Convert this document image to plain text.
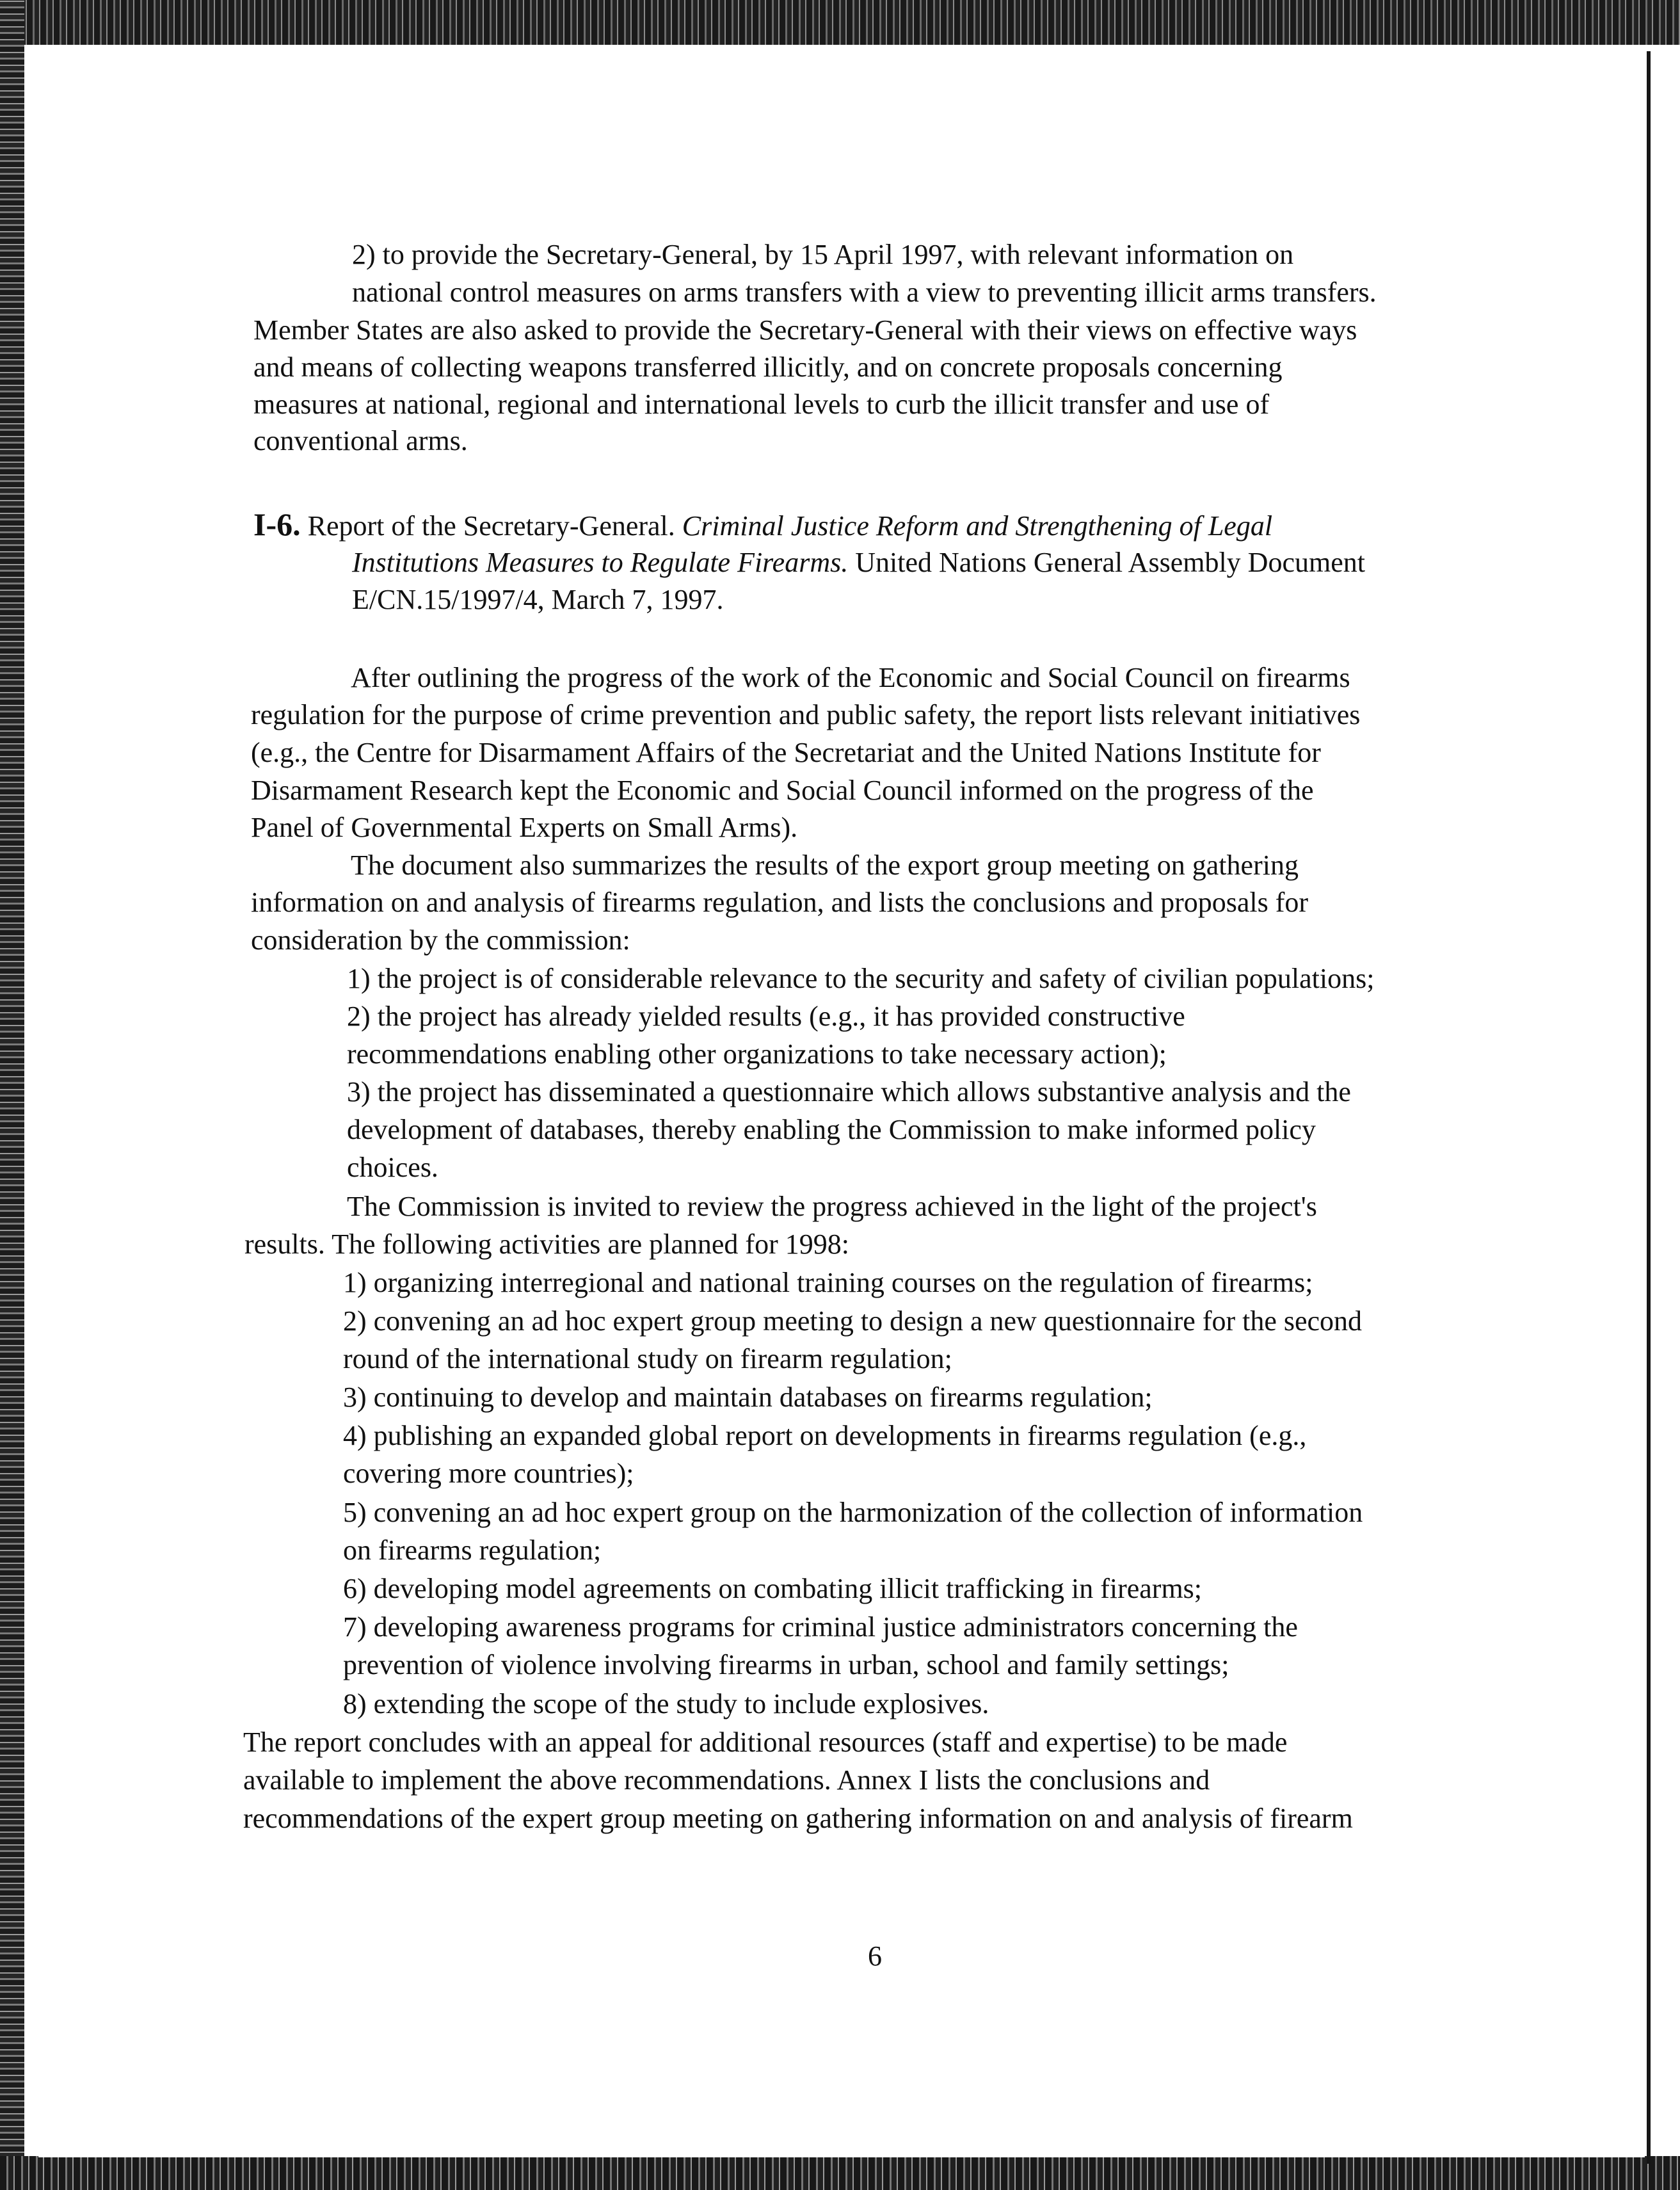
2) to provide the Secretary-General, by 15 April 1997, with relevant information on
national control measures on arms transfers with a view to preventing illicit arms transfers.
Member States are also asked to provide the Secretary-General with their views on effective ways
and means of collecting weapons transferred illicitly, and on concrete proposals concerning
measures at national, regional and international levels to curb the illicit transfer and use of
conventional arms.
I-6. Report of the Secretary-General. Criminal Justice Reform and Strengthening of Legal
Institutions Measures to Regulate Firearms. United Nations General Assembly Document
E/CN.15/1997/4, March 7, 1997.
After outlining the progress of the work of the Economic and Social Council on firearms
regulation for the purpose of crime prevention and public safety, the report lists relevant initiatives
(e.g., the Centre for Disarmament Affairs of the Secretariat and the United Nations Institute for
Disarmament Research kept the Economic and Social Council informed on the progress of the
Panel of Governmental Experts on Small Arms).
The document also summarizes the results of the export group meeting on gathering
information on and analysis of firearms regulation, and lists the conclusions and proposals for
consideration by the commission:
1) the project is of considerable relevance to the security and safety of civilian populations;
2) the project has already yielded results (e.g., it has provided constructive
recommendations enabling other organizations to take necessary action);
3) the project has disseminated a questionnaire which allows substantive analysis and the
development of databases, thereby enabling the Commission to make informed policy
choices.
The Commission is invited to review the progress achieved in the light of the project's
results. The following activities are planned for 1998:
1) organizing interregional and national training courses on the regulation of firearms;
2) convening an ad hoc expert group meeting to design a new questionnaire for the second
round of the international study on firearm regulation;
3) continuing to develop and maintain databases on firearms regulation;
4) publishing an expanded global report on developments in firearms regulation (e.g.,
covering more countries);
5) convening an ad hoc expert group on the harmonization of the collection of information
on firearms regulation;
6) developing model agreements on combating illicit trafficking in firearms;
7) developing awareness programs for criminal justice administrators concerning the
prevention of violence involving firearms in urban, school and family settings;
8) extending the scope of the study to include explosives.
The report concludes with an appeal for additional resources (staff and expertise) to be made
available to implement the above recommendations. Annex I lists the conclusions and
recommendations of the expert group meeting on gathering information on and analysis of firearm
6
